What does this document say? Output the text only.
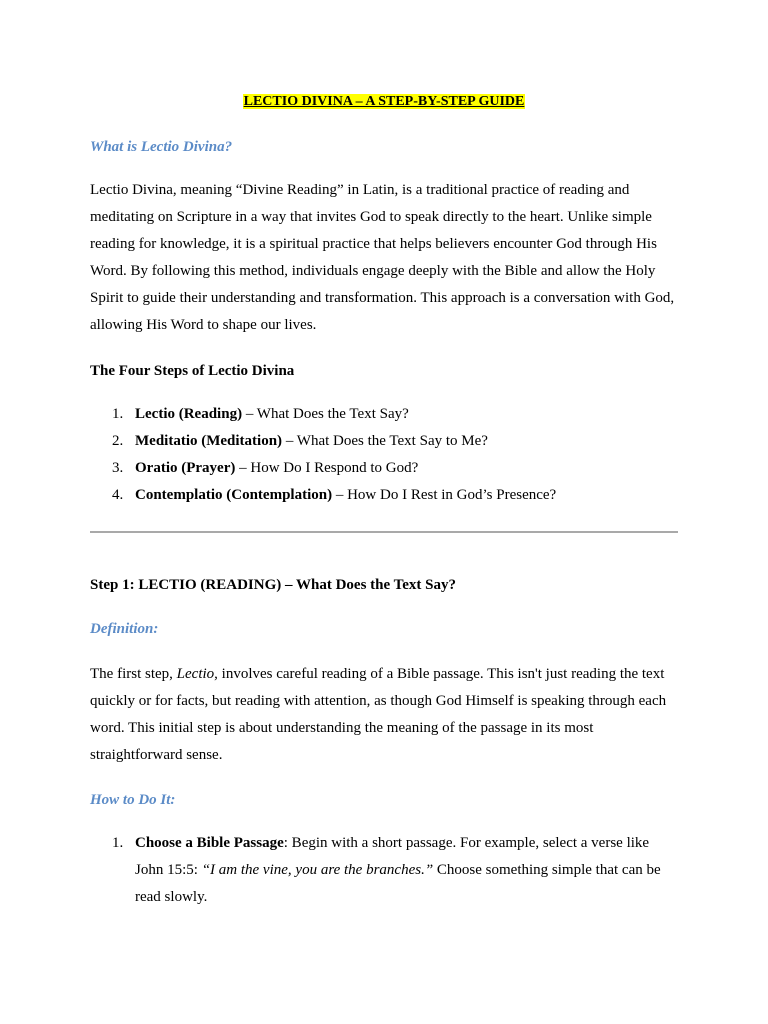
LECTIO DIVINA – A STEP-BY-STEP GUIDE
What is Lectio Divina?

Lectio Divina, meaning “Divine Reading” in Latin, is a traditional practice of reading and meditating on Scripture in a way that invites God to speak directly to the heart. Unlike simple reading for knowledge, it is a spiritual practice that helps believers encounter God through His Word. By following this method, individuals engage deeply with the Bible and allow the Holy Spirit to guide their understanding and transformation. This approach is a conversation with God, allowing His Word to shape our lives.

The Four Steps of Lectio Divina
1. Lectio (Reading) – What Does the Text Say?
2. Meditatio (Meditation) – What Does the Text Say to Me?
3. Oratio (Prayer) – How Do I Respond to God?
4. Contemplatio (Contemplation) – How Do I Rest in God’s Presence?
Step 1: LECTIO (READING) – What Does the Text Say?
Definition:

The first step, Lectio, involves careful reading of a Bible passage. This isn't just reading the text quickly or for facts, but reading with attention, as though God Himself is speaking through each word. This initial step is about understanding the meaning of the passage in its most straightforward sense.

How to Do It:
1. Choose a Bible Passage: Begin with a short passage. For example, select a verse like John 15:5: “I am the vine, you are the branches.” Choose something simple that can be read slowly.
